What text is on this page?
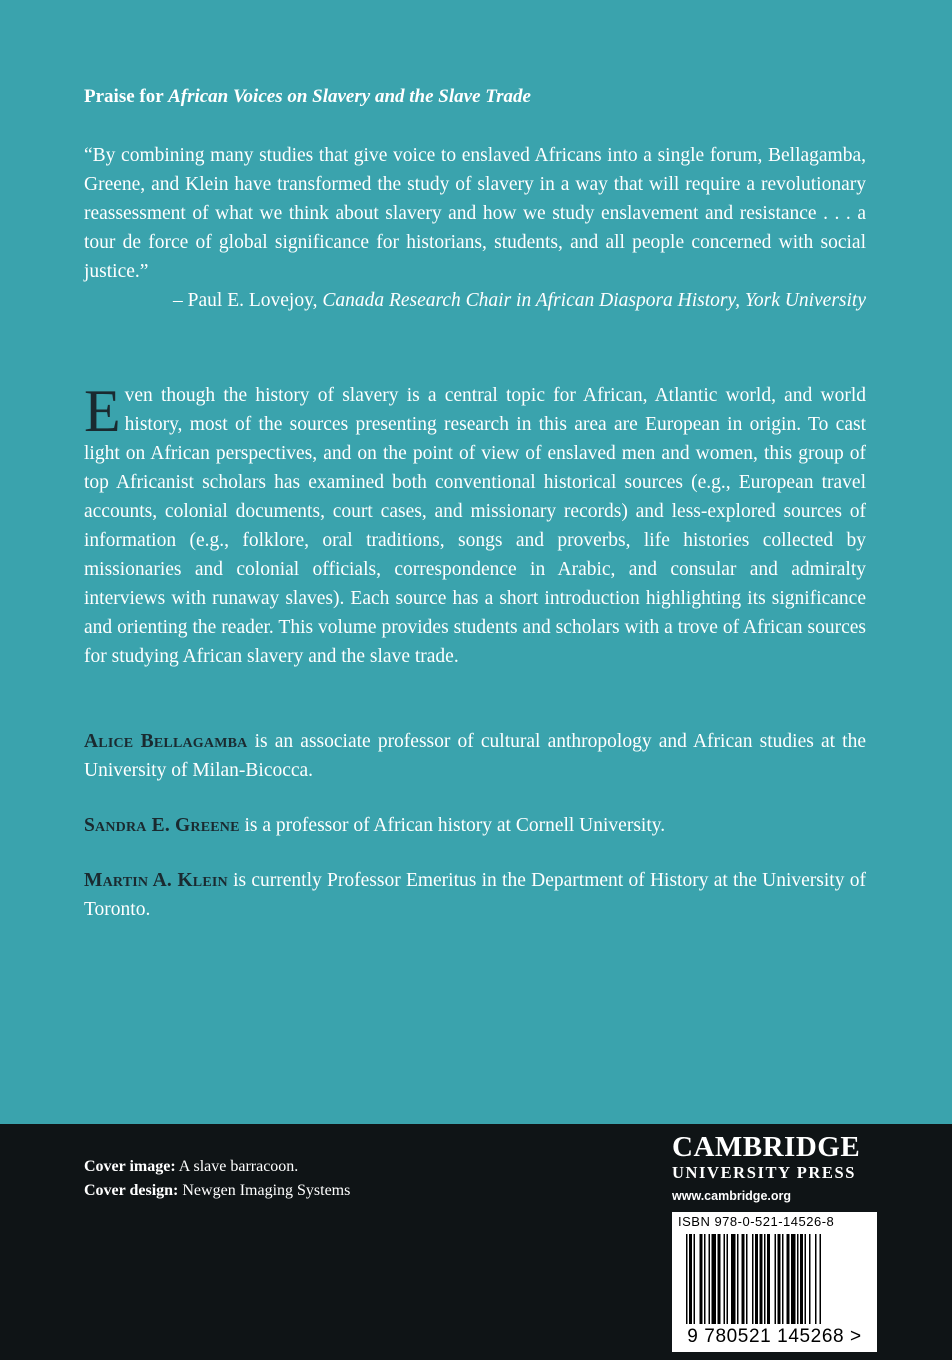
Praise for African Voices on Slavery and the Slave Trade

“By combining many studies that give voice to enslaved Africans into a single forum, Bellagamba, Greene, and Klein have transformed the study of slavery in a way that will require a revolutionary reassessment of what we think about slavery and how we study enslavement and resistance . . . a tour de force of global significance for historians, students, and all people concerned with social justice.”

– Paul E. Lovejoy, Canada Research Chair in African Diaspora History, York University

Even though the history of slavery is a central topic for African, Atlantic world, and world history, most of the sources presenting research in this area are European in origin. To cast light on African perspectives, and on the point of view of enslaved men and women, this group of top Africanist scholars has examined both conventional historical sources (e.g., European travel accounts, colonial documents, court cases, and missionary records) and less-explored sources of information (e.g., folklore, oral traditions, songs and proverbs, life histories collected by missionaries and colonial officials, correspondence in Arabic, and consular and admiralty interviews with runaway slaves). Each source has a short introduction highlighting its significance and orienting the reader. This volume provides students and scholars with a trove of African sources for studying African slavery and the slave trade.

Alice Bellagamba is an associate professor of cultural anthropology and African studies at the University of Milan-Bicocca.

Sandra E. Greene is a professor of African history at Cornell University.

Martin A. Klein is currently Professor Emeritus in the Department of History at the University of Toronto.

Cover image: A slave barracoon.
Cover design: Newgen Imaging Systems
CAMBRIDGE
UNIVERSITY PRESS
www.cambridge.org
ISBN 978-0-521-14526-8
9 780521 145268 >
